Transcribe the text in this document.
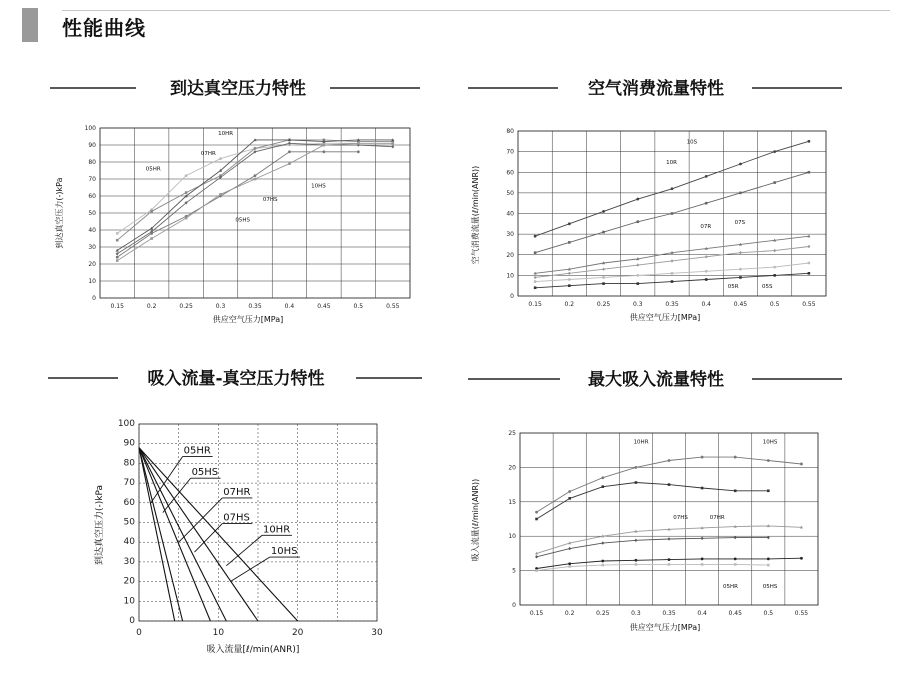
性能曲线
到达真空压力特性
0
10
20
30
40
50
60
70
80
90
100
0.15	0.2	0.25	0.3	0.35	0.4	0.45	0.5	0.55
供应空气压力[MPa]
到达真空压力(-)kPa
10HR
07HR
05HR
10HS
07HS
05HS
空气消费流量特性
0
10
20
30
40
50
60
70
80
0.15	0.2	0.25	0.3	0.35	0.4	0.45	0.5	0.55
供应空气压力[MPa]
空气消费流量(ℓ/min(ANR))
10S
10R
07R
07S
05R	05S
吸入流量-真空压力特性
0
10
20
30
40
50
60
70
80
90
100
0	10	20	30
吸入流量[ℓ/min(ANR)]
到达真空压力(-)kPa
05HR
05HS
07HR
07HS
10HR
10HS
最大吸入流量特性
0
5
10
15
20
25
0.15	0.2	0.25	0.3	0.35	0.4	0.45	0.5	0.55
供应空气压力[MPa]
吸入流量(ℓ/min(ANR))
10HR	10HS
07HS	07HR
05HR	05HS
